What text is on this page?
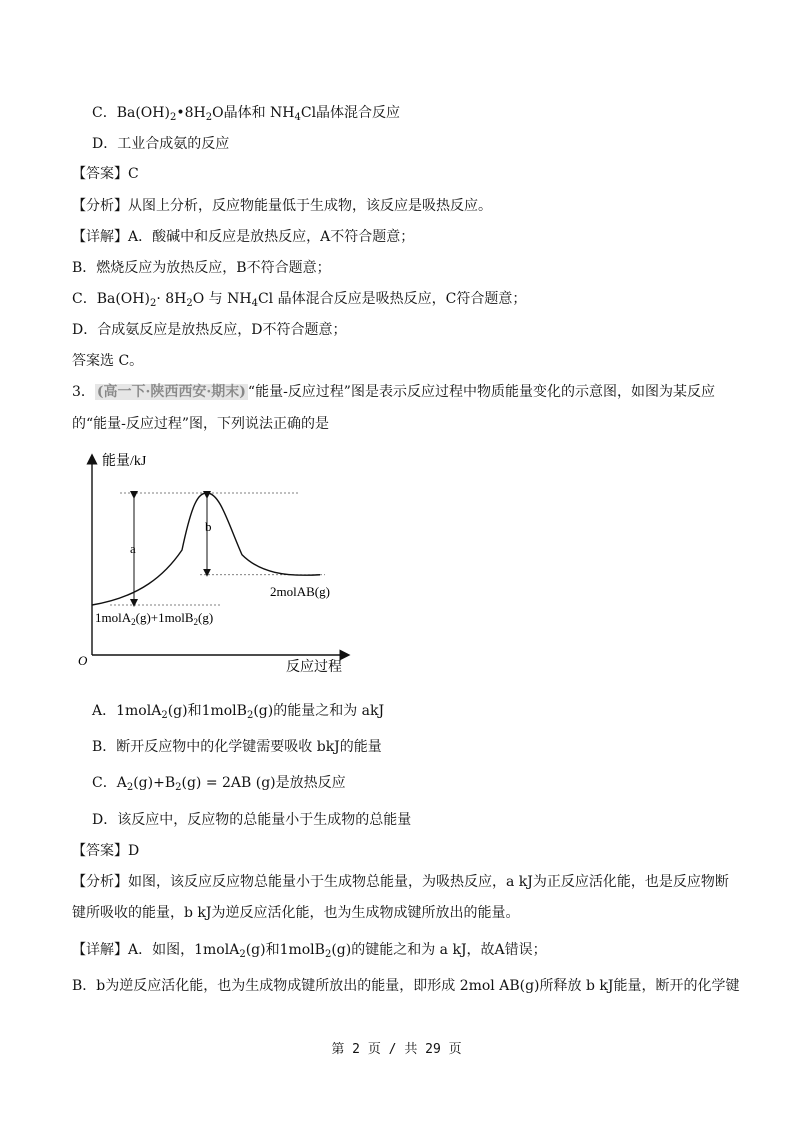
C．$Ba(OH)_2•8H_2O$晶体和 $NH_4Cl$晶体混合反应
D．工业合成氨的反应
【答案】C
【分析】从图上分析，反应物能量低于生成物，该反应是吸热反应。
【详解】A．酸碱中和反应是放热反应，A不符合题意；
B．燃烧反应为放热反应，B不符合题意；
C．$Ba(OH)_2\cdot 8H_2O$ 与 $NH_4Cl$ 晶体混合反应是吸热反应，C符合题意；
D．合成氨反应是放热反应，D不符合题意；
答案选 C。
3． (高一下·陕西西安·期末) “能量-反应过程”图是表示反应过程中物质能量变化的示意图，如图为某反应
的“能量-反应过程”图，下列说法正确的是
能量/kJ
反应过程
O
a
b
2molAB(g)
1molA$_2$(g)+1molB$_2$(g)
A．1molA$_2$(g)和1molB$_2$(g)的能量之和为 akJ
B．断开反应物中的化学键需要吸收 bkJ的能量
C．$A_2(g)+B_2(g) = 2AB$ (g)是放热反应
D．该反应中，反应物的总能量小于生成物的总能量
【答案】D
【分析】如图，该反应反应物总能量小于生成物总能量，为吸热反应，a kJ为正反应活化能，也是反应物断
键所吸收的能量，b kJ为逆反应活化能，也为生成物成键所放出的能量。
【详解】A．如图，1molA$_2$(g)和1molB$_2$(g)的键能之和为 a kJ，故A错误；
B．b为逆反应活化能，也为生成物成键所放出的能量，即形成 2mol AB(g)所释放 b kJ能量，断开的化学键
第 2 页 / 共 29 页
